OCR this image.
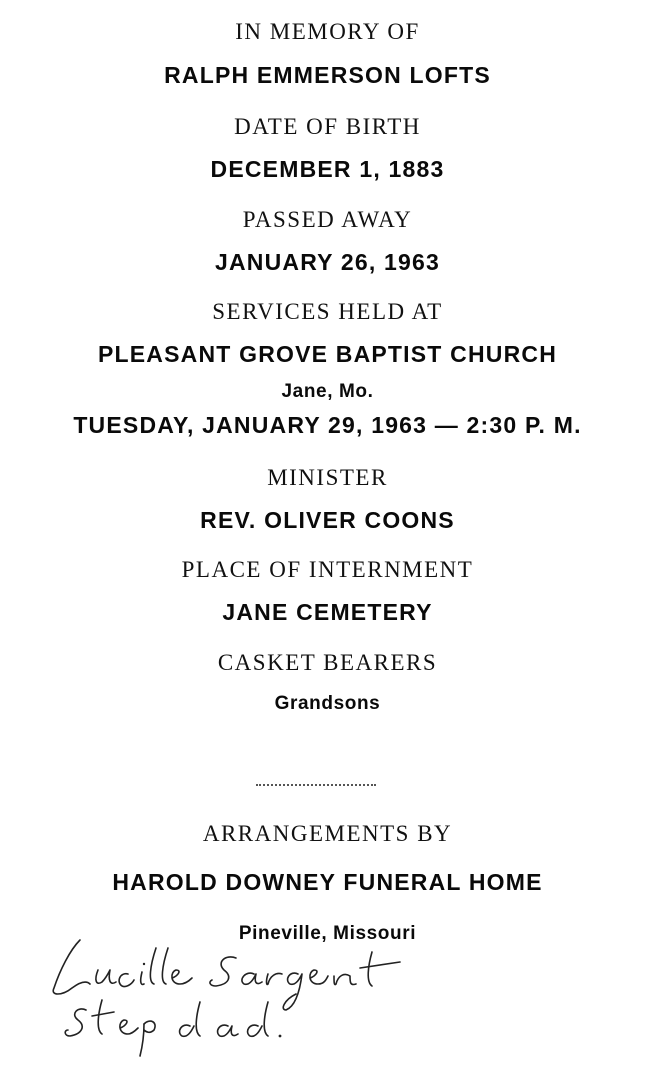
IN MEMORY OF
RALPH EMMERSON LOFTS
DATE OF BIRTH
DECEMBER 1, 1883
PASSED AWAY
JANUARY 26, 1963
SERVICES HELD AT
PLEASANT GROVE BAPTIST CHURCH
Jane, Mo.
TUESDAY, JANUARY 29, 1963 — 2:30 P. M.
MINISTER
REV. OLIVER COONS
PLACE OF INTERNMENT
JANE CEMETERY
CASKET BEARERS
Grandsons
ARRANGEMENTS BY
HAROLD DOWNEY FUNERAL HOME
Pineville, Missouri
